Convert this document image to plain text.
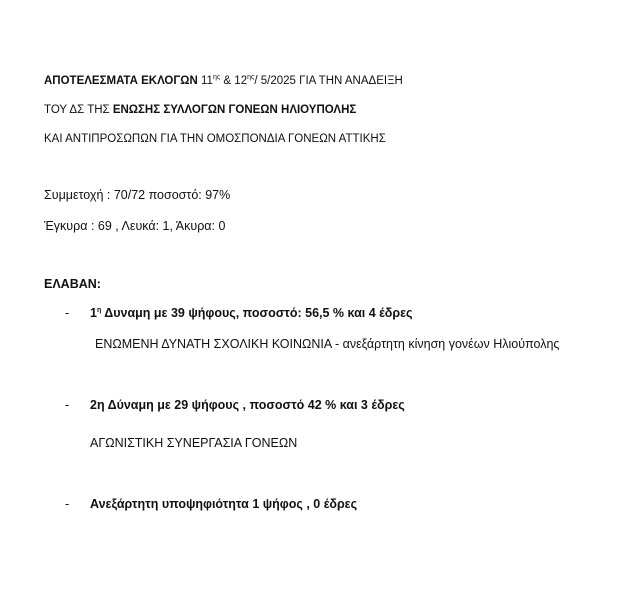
ΑΠΟΤΕΛΕΣΜΑΤΑ ΕΚΛΟΓΩΝ $11^{\eta\varsigma}$ & $12^{\eta\varsigma}/$ 5/2025 ΓΙΑ ΤΗΝ ΑΝΑΔΕΙΞΗ
ΤΟΥ ΔΣ ΤΗΣ ΕΝΩΣΗΣ ΣΥΛΛΟΓΩΝ ΓΟΝΕΩΝ ΗΛΙΟΥΠΟΛΗΣ
ΚΑΙ ΑΝΤΙΠΡΟΣΩΠΩΝ ΓΙΑ ΤΗΝ ΟΜΟΣΠΟΝΔΙΑ ΓΟΝΕΩΝ ΑΤΤΙΚΗΣ
Συμμετοχή : 70/72 ποσοστό: 97%
Έγκυρα : 69 , Λευκά: 1, Άκυρα: 0
ΕΛΑΒΑΝ:
- $1^\eta$ Δυναμη με 39 ψήφους, ποσοστό: 56,5 % και 4 έδρες
ΕΝΩΜΕΝΗ ΔΥΝΑΤΗ ΣΧΟΛΙΚΗ ΚΟΙΝΩΝΙΑ - ανεξάρτητη κίνηση γονέων Ηλιούπολης
- 2η Δύναμη με 29 ψήφους , ποσοστό 42 % και 3 έδρες
ΑΓΩΝΙΣΤΙΚΗ ΣΥΝΕΡΓΑΣΙΑ ΓΟΝΕΩΝ
- Ανεξάρτητη υποψηφιότητα 1 ψήφος , 0 έδρες
